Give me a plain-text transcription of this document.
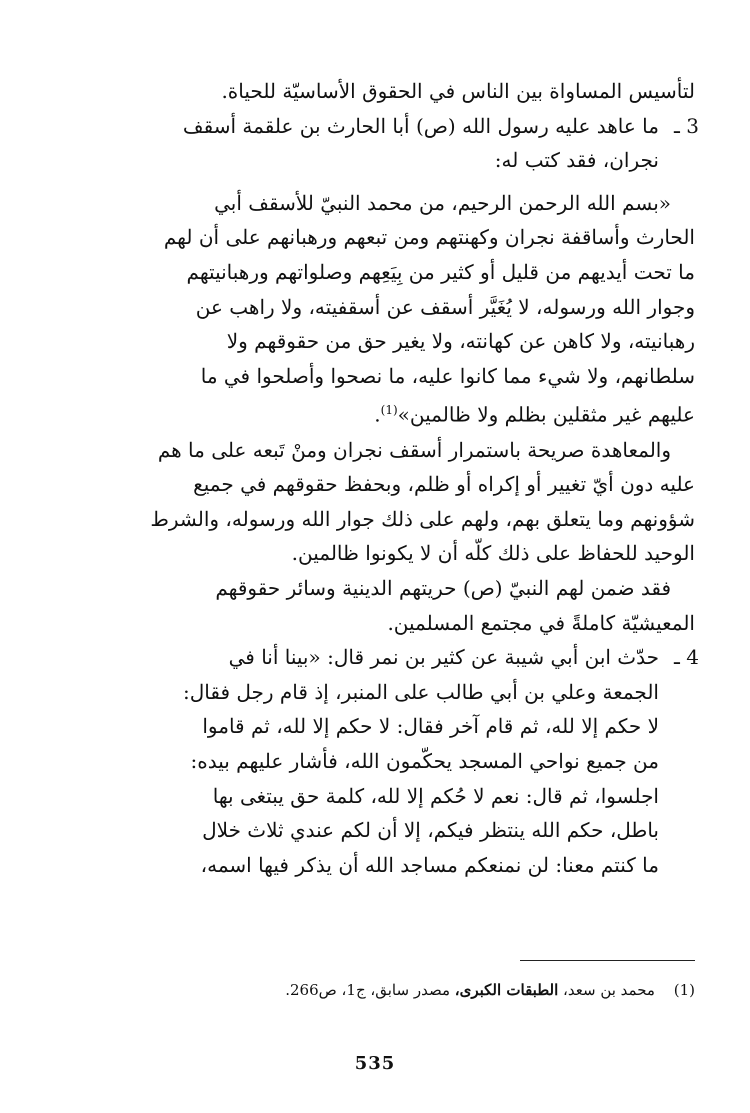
لتأسيس المساواة بين الناس في الحقوق الأساسيّة للحياة.
3 ـ
ما عاهد عليه رسول الله (ص) أبا الحارث بن علقمة أسقف
نجران، فقد كتب له:
«بسم الله الرحمن الرحيم، من محمد النبيّ للأسقف أبي
الحارث وأساقفة نجران وكهنتهم ومن تبعهم ورهبانهم على أن لهم
ما تحت أيديهم من قليل أو كثير من بِيَعِهم وصلواتهم ورهبانيتهم
وجوار الله ورسوله، لا يُغَيَّر أسقف عن أسقفيته، ولا راهب عن
رهبانيته، ولا كاهن عن كهانته، ولا يغير حق من حقوقهم ولا
سلطانهم، ولا شيء مما كانوا عليه، ما نصحوا وأصلحوا في ما
عليهم غير مثقلين بظلم ولا ظالمين»$^{(1)}$.
والمعاهدة صريحة باستمرار أسقف نجران ومنْ تَبعه على ما هم
عليه دون أيّ تغيير أو إكراه أو ظلم، وبحفظ حقوقهم في جميع
شؤونهم وما يتعلق بهم، ولهم على ذلك جوار الله ورسوله، والشرط
الوحيد للحفاظ على ذلك كلّه أن لا يكونوا ظالمين.
فقد ضمن لهم النبيّ (ص) حريتهم الدينية وسائر حقوقهم
المعيشيّة كاملةً في مجتمع المسلمين.
4 ـ
حدّث ابن أبي شيبة عن كثير بن نمر قال: «بينا أنا في
الجمعة وعلي بن أبي طالب على المنبر، إذ قام رجل فقال:
لا حكم إلا لله، ثم قام آخر فقال: لا حكم إلا لله، ثم قاموا
من جميع نواحي المسجد يحكّمون الله، فأشار عليهم بيده:
اجلسوا، ثم قال: نعم لا حُكم إلا لله، كلمة حق يبتغى بها
باطل، حكم الله ينتظر فيكم، إلا أن لكم عندي ثلاث خلال
ما كنتم معنا: لن نمنعكم مساجد الله أن يذكر فيها اسمه،
(1) محمد بن سعد، الطبقات الكبرى، مصدر سابق، ج1، ص266.
535
